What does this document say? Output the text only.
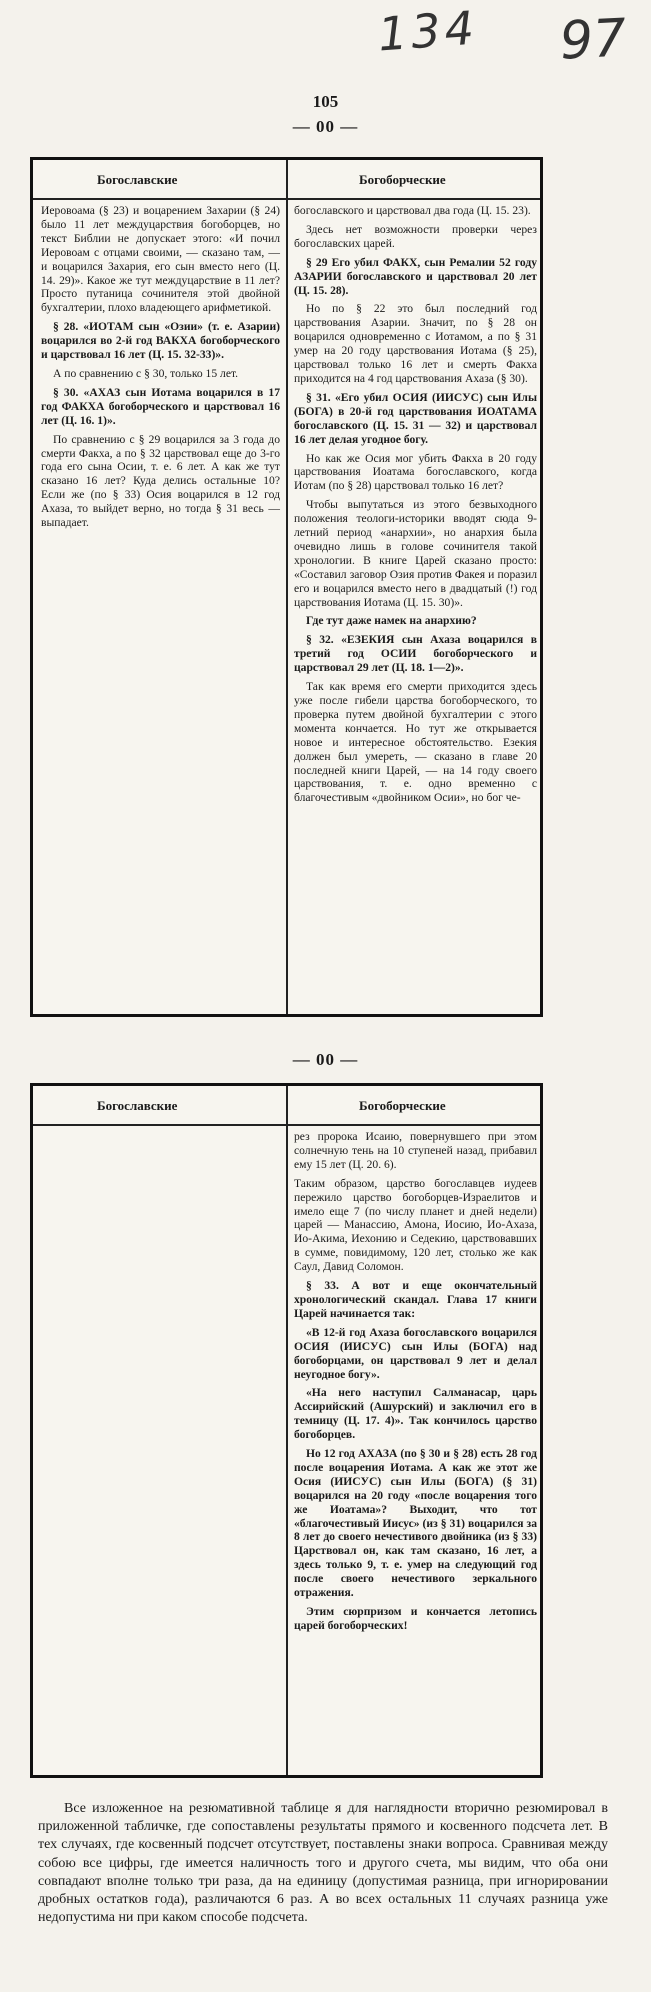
134 97
105
— 00 —
Богославские	Богоборческие

Иеровоама (§ 23) и воцарением Захарии (§ 24) было 11 лет междуцарствия богоборцев, но текст Библии не допускает этого: «И почил Иеровоам с отцами своими, — сказано там, — и воцарился Захария, его сын вместо него (Ц. 14. 29)». Какое же тут междуцарствие в 11 лет? Просто путаница сочинителя этой двойной бухгалтерии, плохо владеющего арифметикой.

§ 28. «ИОТАМ сын «Озии» (т. е. Азарии) воцарился во 2-й год ВАКХА богоборческого и царствовал 16 лет (Ц. 15. 32-33)».

А по сравнению с § 30, только 15 лет.

§ 30. «АХАЗ сын Иотама воцарился в 17 год ФАКХА богоборческого и царствовал 16 лет (Ц. 16. 1)».

По сравнению с § 29 воцарился за 3 года до смерти Факха, а по § 32 царствовал еще до 3-го года его сына Осии, т. е. 6 лет. А как же тут сказано 16 лет? Куда делись остальные 10? Если же (по § 33) Осия воцарился в 12 год Ахаза, то выйдет верно, но тогда § 31 весь — выпадает.

богославского и царствовал два года (Ц. 15. 23).

Здесь нет возможности проверки через богославских царей.

§ 29 Его убил ФАКХ, сын Ремалии 52 году АЗАРИИ богославского и царствовал 20 лет (Ц. 15. 28).

Но по § 22 это был последний год царствования Азарии. Значит, по § 28 он воцарился одновременно с Иотамом, а по § 31 умер на 20 году царствования Иотама (§ 25), царствовал только 16 лет и смерть Факха приходится на 4 год царствования Ахаза (§ 30).

§ 31. «Его убил ОСИЯ (ИИСУС) сын Илы (БОГА) в 20-й год царствования ИОАТАМА богославского (Ц. 15. 31 — 32) и царствовал 16 лет делая угодное богу.

Но как же Осия мог убить Факха в 20 году царствования Иоатама богославского, когда Иотам (по § 28) царствовал только 16 лет?

Чтобы выпутаться из этого безвыходного положения теологи-историки вводят сюда 9-летний период «анархии», но анархия была очевидно лишь в голове сочинителя такой хронологии. В книге Царей сказано просто: «Составил заговор Озия против Факея и поразил его и воцарился вместо него в двадцатый (!) год царствования Иотама (Ц. 15. 30)».

Где тут даже намек на анархию?

§ 32. «ЕЗЕКИЯ сын Ахаза воцарился в третий год ОСИИ богоборческого и царствовал 29 лет (Ц. 18. 1—2)».

Так как время его смерти приходится здесь уже после гибели царства богоборческого, то проверка путем двойной бухгалтерии с этого момента кончается. Но тут же открывается новое и интересное обстоятельство. Езекия должен был умереть, — сказано в главе 20 последней книги Царей, — на 14 году своего царствования, т. е. одно временно с благочестивым «двойником Осии», но бог че-

— 00 —
Богославские	Богоборческие

рез пророка Исаию, повернувшего при этом солнечную тень на 10 ступеней назад, прибавил ему 15 лет (Ц. 20. 6).

Таким образом, царство богославцев иудеев пережило царство богоборцев-Израелитов и имело еще 7 (по числу планет и дней недели) царей — Манассию, Амона, Иосию, Ио-Ахаза, Ио-Акима, Иехонию и Седекию, царствовавших в сумме, повидимому, 120 лет, столько же как Саул, Давид Соломон.

§ 33. А вот и еще окончательный хронологический скандал. Глава 17 книги Царей начинается так:

«В 12-й год Ахаза богославского воцарился ОСИЯ (ИИСУС) сын Илы (БОГА) над богоборцами, он царствовал 9 лет и делал неугодное богу».

«На него наступил Салманасар, царь Ассирийский (Ашурский) и заключил его в темницу (Ц. 17. 4)». Так кончилось царство богоборцев.

Но 12 год АХАЗА (по § 30 и § 28) есть 28 год после воцарения Иотама. А как же этот же Осия (ИИСУС) сын Илы (БОГА) (§ 31) воцарился на 20 году «после воцарения того же Иоатама»? Выходит, что тот «благочестивый Иисус» (из § 31) воцарился за 8 лет до своего нечестивого двойника (из § 33) Царствовал он, как там сказано, 16 лет, а здесь только 9, т. е. умер на следующий год после своего нечестивого зеркального отражения.

Этим сюрпризом и кончается летопись царей богоборческих!

Все изложенное на резюмативной таблице я для наглядности вторично резюмировал в приложенной табличке, где сопоставлены результаты прямого и косвенного подсчета лет. В тех случаях, где косвенный подсчет отсутствует, поставлены знаки вопроса. Сравнивая между собою все цифры, где имеется наличность того и другого счета, мы видим, что оба они совпадают вполне только три раза, да на единицу (допустимая разница, при игнорировании дробных остатков года), различаются 6 раз. А во всех остальных 11 случаях разница уже недопустима ни при каком способе подсчета.
